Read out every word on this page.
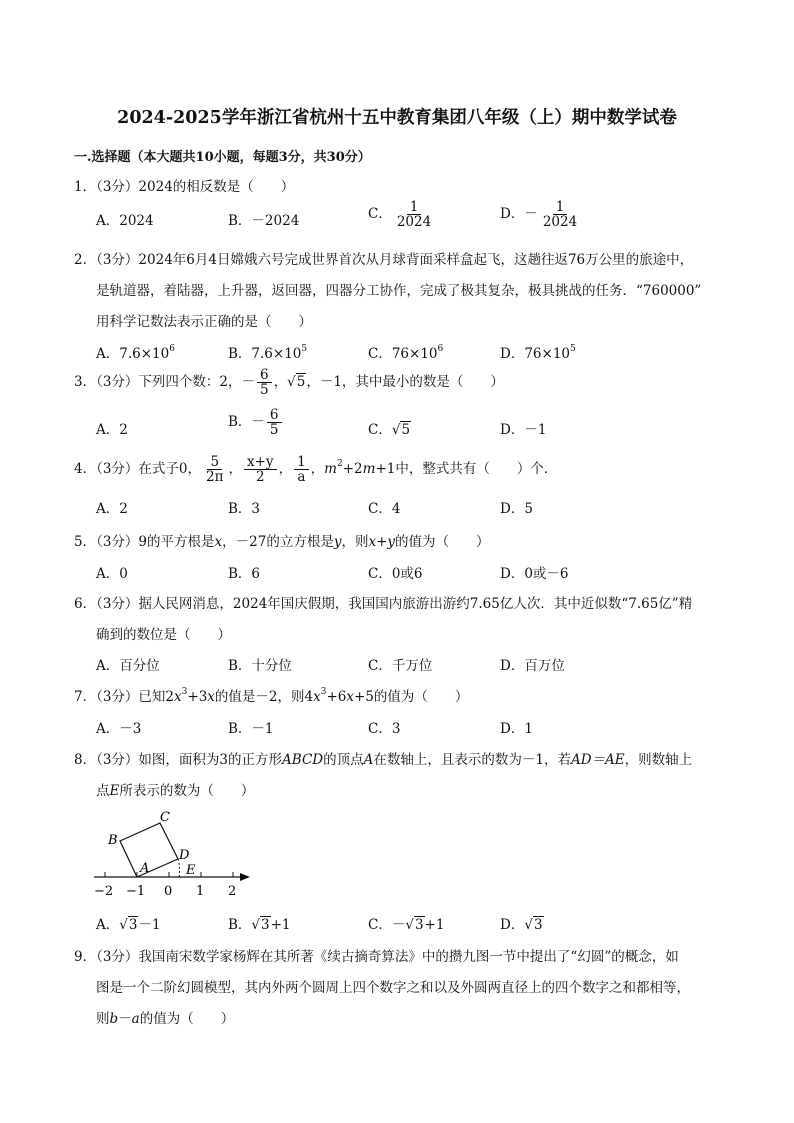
2024-2025学年浙江省杭州十五中教育集团八年级（上）期中数学试卷
一.选择题（本大题共10小题，每题3分，共30分）
1．（3分）2024的相反数是（　　）
A．2024	B．－2024	C． $\frac{1}{2024}$	D．－ $\frac{1}{2024}$
2．（3分）2024年6月4日嫦娥六号完成世界首次从月球背面采样盒起飞，这趟往返76万公里的旅途中，
是轨道器，着陆器，上升器，返回器，四器分工协作，完成了极其复杂，极具挑战的任务．“760000”
用科学记数法表示正确的是（　　）
A．$7.6\times 10^6$	B．$7.6\times 10^5$	C．$76\times 10^6$	D．$76\times 10^5$
3．（3分）下列四个数：2，－ $\frac{6}{5}$ ，√5，－1，其中最小的数是（　　）
A．2	B．－ $\frac{6}{5}$	C．√5	D．－1
4．（3分）在式子0， $\frac{5}{2\pi}$ ， $\frac{x+y}{2}$ ， $\frac{1}{a}$ ，$m^2+2m+1$中，整式共有（　　）个．
A．2	B．3	C．4	D．5
5．（3分）9的平方根是x，－27的立方根是y，则x+y的值为（　　）
A．0	B．6	C．0或6	D．0或－6
6．（3分）据人民网消息，2024年国庆假期，我国国内旅游出游约7.65亿人次．其中近似数“7.65亿”精
确到的数位是（　　）
A．百分位	B．十分位	C．千万位	D．百万位
7．（3分）已知$2x^3+3x$的值是－2，则$4x^3+6x+5$的值为（　　）
A．－3	B．－1	C．3	D．1
8．（3分）如图，面积为3的正方形ABCD的顶点A在数轴上，且表示的数为－1，若AD＝AE，则数轴上
点E所表示的数为（　　）
B
C
A
D
E
−2 −1 0 1 2
A．√3－1	B．√3+1	C．－√3+1	D．√3
9．（3分）我国南宋数学家杨辉在其所著《续古摘奇算法》中的攒九图一节中提出了“幻圆”的概念，如
图是一个二阶幻圆模型，其内外两个圆周上四个数字之和以及外圆两直径上的四个数字之和都相等，
则b－a的值为（　　）
